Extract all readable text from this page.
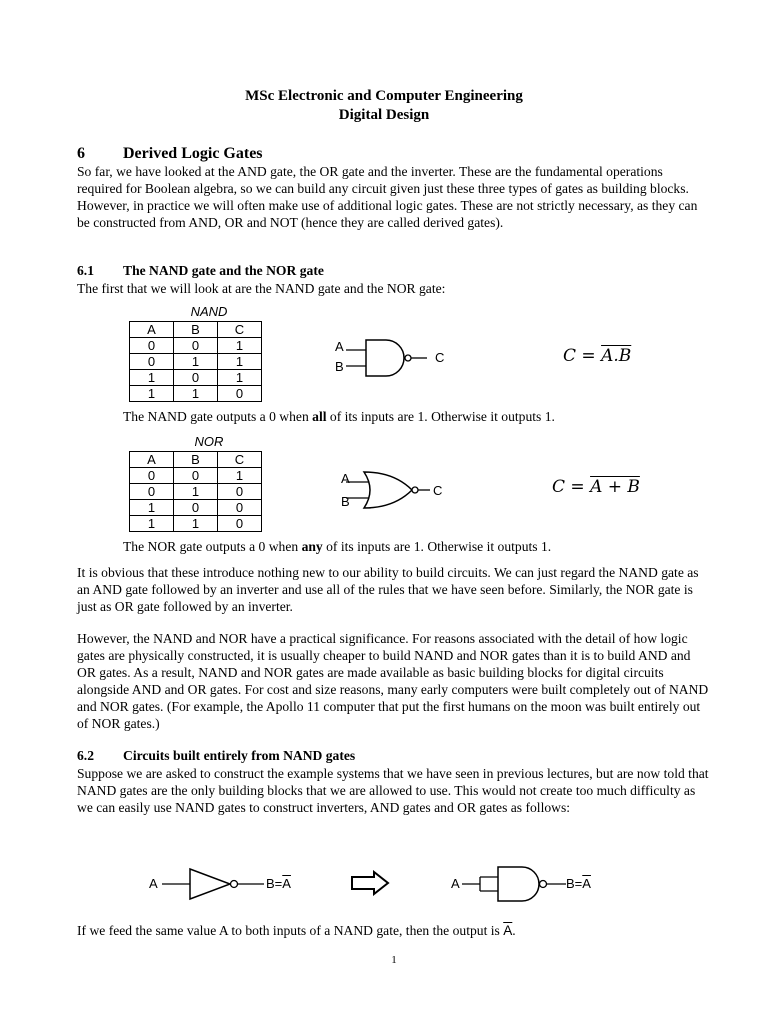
MSc Electronic and Computer Engineering
Digital Design
6 Derived Logic Gates
So far, we have looked at the AND gate, the OR gate and the inverter. These are the fundamental operations required for Boolean algebra, so we can build any circuit given just these three types of gates as building blocks. However, in practice we will often make use of additional logic gates. These are not strictly necessary, as they can be constructed from AND, OR and NOT (hence they are called derived gates).
6.1 The NAND gate and the NOR gate
The first that we will look at are the NAND gate and the NOR gate:
NAND
A	B	C
0	0	1
0	1	1
1	0	1
1	1	0
A
B
C	C = A.B
The NAND gate outputs a 0 when all of its inputs are 1. Otherwise it outputs 1.
NOR
A	B	C
0	0	1
0	1	0
1	0	0
1	1	0
A
B
C	C = A + B
The NOR gate outputs a 0 when any of its inputs are 1. Otherwise it outputs 1.
It is obvious that these introduce nothing new to our ability to build circuits. We can just regard the NAND gate as an AND gate followed by an inverter and use all of the rules that we have seen before. Similarly, the NOR gate is just as OR gate followed by an inverter.
However, the NAND and NOR have a practical significance. For reasons associated with the detail of how logic gates are physically constructed, it is usually cheaper to build NAND and NOR gates than it is to build AND and OR gates. As a result, NAND and NOR gates are made available as basic building blocks for digital circuits alongside AND and OR gates. For cost and size reasons, many early computers were built completely out of NAND and NOR gates. (For example, the Apollo 11 computer that put the first humans on the moon was built entirely out of NOR gates.)
6.2 Circuits built entirely from NAND gates
Suppose we are asked to construct the example systems that we have seen in previous lectures, but are now told that NAND gates are the only building blocks that we are allowed to use. This would not create too much difficulty as we can easily use NAND gates to construct inverters, AND gates and OR gates as follows:
A	$B=\overline{A}$	A	$B=\overline{A}$
If we feed the same value A to both inputs of a NAND gate, then the output is $\overline{A}$.
1
